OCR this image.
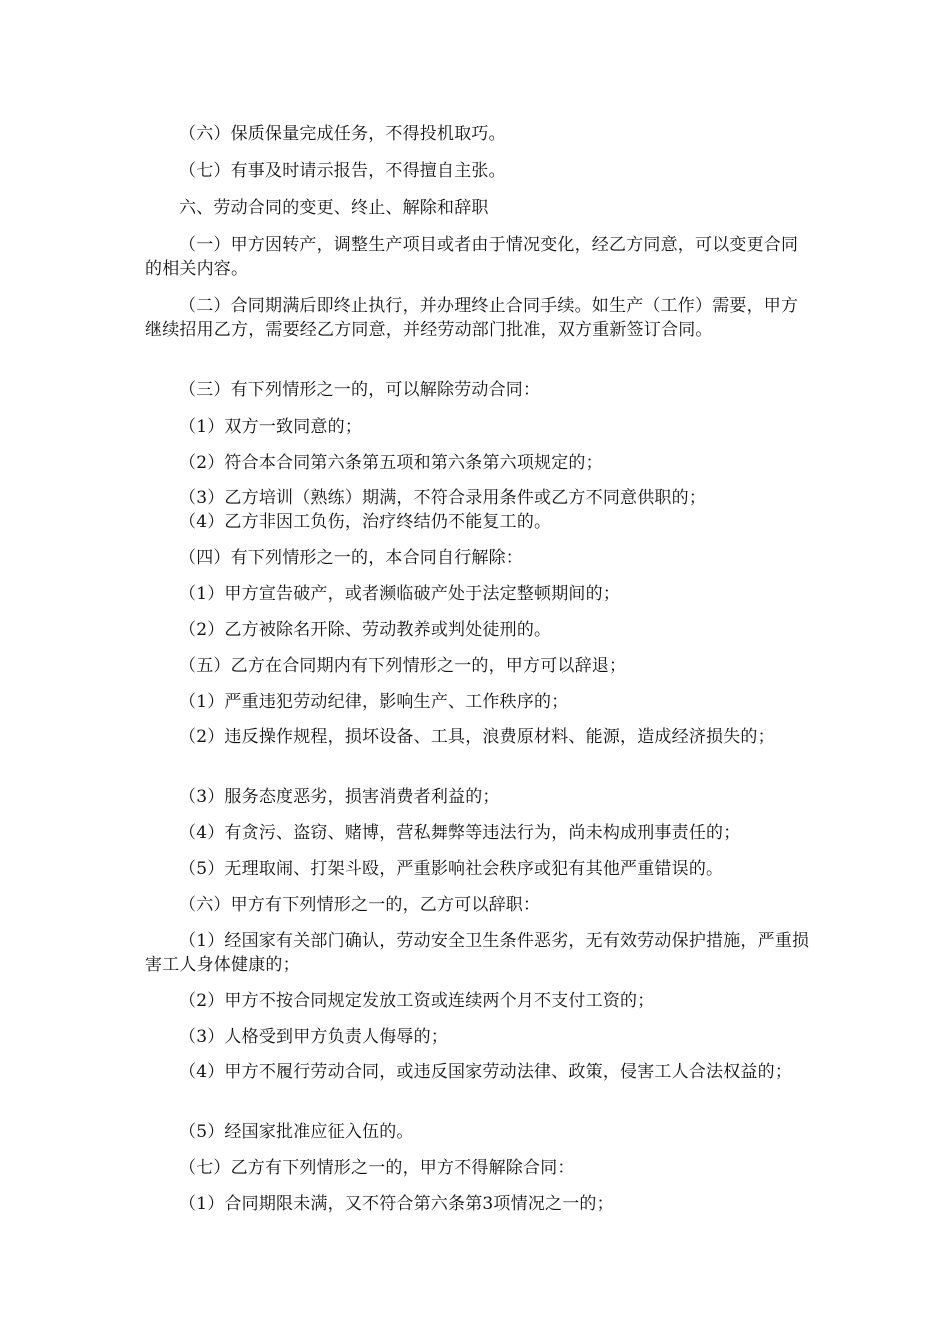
（六）保质保量完成任务，不得投机取巧。

（七）有事及时请示报告，不得擅自主张。

六、劳动合同的变更、终止、解除和辞职

（一）甲方因转产，调整生产项目或者由于情况变化，经乙方同意，可以变更合同的相关内容。

（二）合同期满后即终止执行，并办理终止合同手续。如生产（工作）需要，甲方继续招用乙方，需要经乙方同意，并经劳动部门批准，双方重新签订合同。

（三）有下列情形之一的，可以解除劳动合同：

（1）双方一致同意的；

（2）符合本合同第六条第五项和第六条第六项规定的；

（3）乙方培训（熟练）期满，不符合录用条件或乙方不同意供职的；

（4）乙方非因工负伤，治疗终结仍不能复工的。

（四）有下列情形之一的，本合同自行解除：

（1）甲方宣告破产，或者濒临破产处于法定整顿期间的；

（2）乙方被除名开除、劳动教养或判处徒刑的。

（五）乙方在合同期内有下列情形之一的，甲方可以辞退；

（1）严重违犯劳动纪律，影响生产、工作秩序的；

（2）违反操作规程，损坏设备、工具，浪费原材料、能源，造成经济损失的；

（3）服务态度恶劣，损害消费者利益的；

（4）有贪污、盗窃、赌博，营私舞弊等违法行为，尚未构成刑事责任的；

（5）无理取闹、打架斗殴，严重影响社会秩序或犯有其他严重错误的。

（六）甲方有下列情形之一的，乙方可以辞职：

（1）经国家有关部门确认，劳动安全卫生条件恶劣，无有效劳动保护措施，严重损害工人身体健康的；

（2）甲方不按合同规定发放工资或连续两个月不支付工资的；

（3）人格受到甲方负责人侮辱的；

（4）甲方不履行劳动合同，或违反国家劳动法律、政策，侵害工人合法权益的；

（5）经国家批准应征入伍的。

（七）乙方有下列情形之一的，甲方不得解除合同：

（1）合同期限未满，又不符合第六条第3项情况之一的；
